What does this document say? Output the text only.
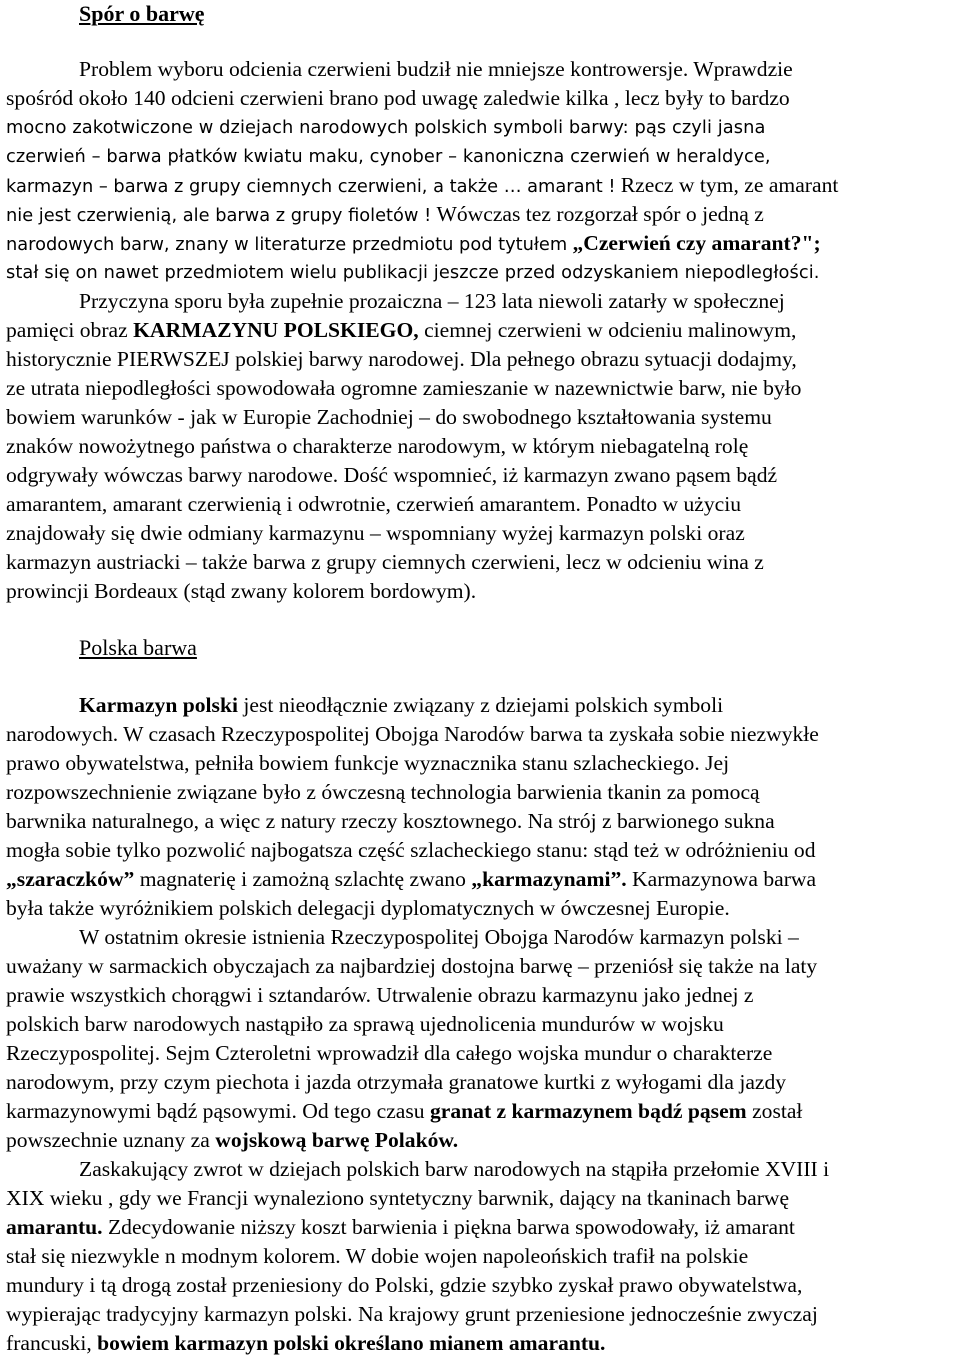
Spór o barwę
Problem wyboru odcienia czerwieni budził nie mniejsze kontrowersje. Wprawdzie
spośród około 140 odcieni czerwieni brano pod uwagę zaledwie kilka , lecz były to bardzo
mocno zakotwiczone w dziejach narodowych polskich symboli barwy: pąs czyli jasna
czerwień – barwa płatków kwiatu maku, cynober – kanoniczna czerwień w heraldyce,
karmazyn – barwa z grupy ciemnych czerwieni, a także … amarant ! Rzecz w tym, ze amarant
nie jest czerwienią, ale barwa z grupy fioletów ! Wówczas tez rozgorzał spór o jedną z
narodowych barw, znany w literaturze przedmiotu pod tytułem „Czerwień czy amarant?";
stał się on nawet przedmiotem wielu publikacji jeszcze przed odzyskaniem niepodległości.
Przyczyna sporu była zupełnie prozaiczna – 123 lata niewoli zatarły w społecznej
pamięci obraz KARMAZYNU POLSKIEGO, ciemnej czerwieni w odcieniu malinowym,
historycznie PIERWSZEJ polskiej barwy narodowej. Dla pełnego obrazu sytuacji dodajmy,
ze utrata niepodległości spowodowała ogromne zamieszanie w nazewnictwie barw, nie było
bowiem warunków - jak w Europie Zachodniej – do swobodnego kształtowania systemu
znaków nowożytnego państwa o charakterze narodowym, w którym niebagatelną rolę
odgrywały wówczas barwy narodowe. Dość wspomnieć, iż karmazyn zwano pąsem bądź
amarantem, amarant czerwienią i odwrotnie, czerwień amarantem. Ponadto w użyciu
znajdowały się dwie odmiany karmazynu – wspomniany wyżej karmazyn polski oraz
karmazyn austriacki – także barwa z grupy ciemnych czerwieni, lecz w odcieniu wina z
prowincji Bordeaux (stąd zwany kolorem bordowym).
Polska barwa
Karmazyn polski jest nieodłącznie związany z dziejami polskich symboli
narodowych. W czasach Rzeczypospolitej Obojga Narodów barwa ta zyskała sobie niezwykłe
prawo obywatelstwa, pełniła bowiem funkcje wyznacznika stanu szlacheckiego. Jej
rozpowszechnienie związane było z ówczesną technologia barwienia tkanin za pomocą
barwnika naturalnego, a więc z natury rzeczy kosztownego. Na strój z barwionego sukna
mogła sobie tylko pozwolić najbogatsza część szlacheckiego stanu: stąd też w odróżnieniu od
„szaraczków” magnaterię i zamożną szlachtę zwano „karmazynami”. Karmazynowa barwa
była także wyróżnikiem polskich delegacji dyplomatycznych w ówczesnej Europie.
W ostatnim okresie istnienia Rzeczypospolitej Obojga Narodów karmazyn polski –
uważany w sarmackich obyczajach za najbardziej dostojna barwę – przeniósł się także na laty
prawie wszystkich chorągwi i sztandarów. Utrwalenie obrazu karmazynu jako jednej z
polskich barw narodowych nastąpiło za sprawą ujednolicenia mundurów w wojsku
Rzeczypospolitej. Sejm Czteroletni wprowadził dla całego wojska mundur o charakterze
narodowym, przy czym piechota i jazda otrzymała granatowe kurtki z wyłogami dla jazdy
karmazynowymi bądź pąsowymi. Od tego czasu granat z karmazynem bądź pąsem został
powszechnie uznany za wojskową barwę Polaków.
Zaskakujący zwrot w dziejach polskich barw narodowych na stąpiła przełomie XVIII i
XIX wieku , gdy we Francji wynaleziono syntetyczny barwnik, dający na tkaninach barwę
amarantu. Zdecydowanie niższy koszt barwienia i piękna barwa spowodowały, iż amarant
stał się niezwykle n modnym kolorem. W dobie wojen napoleońskich trafił na polskie
mundury i tą drogą został przeniesiony do Polski, gdzie szybko zyskał prawo obywatelstwa,
wypierając tradycyjny karmazyn polski. Na krajowy grunt przeniesione jednocześnie zwyczaj
francuski, bowiem karmazyn polski określano mianem amarantu.
